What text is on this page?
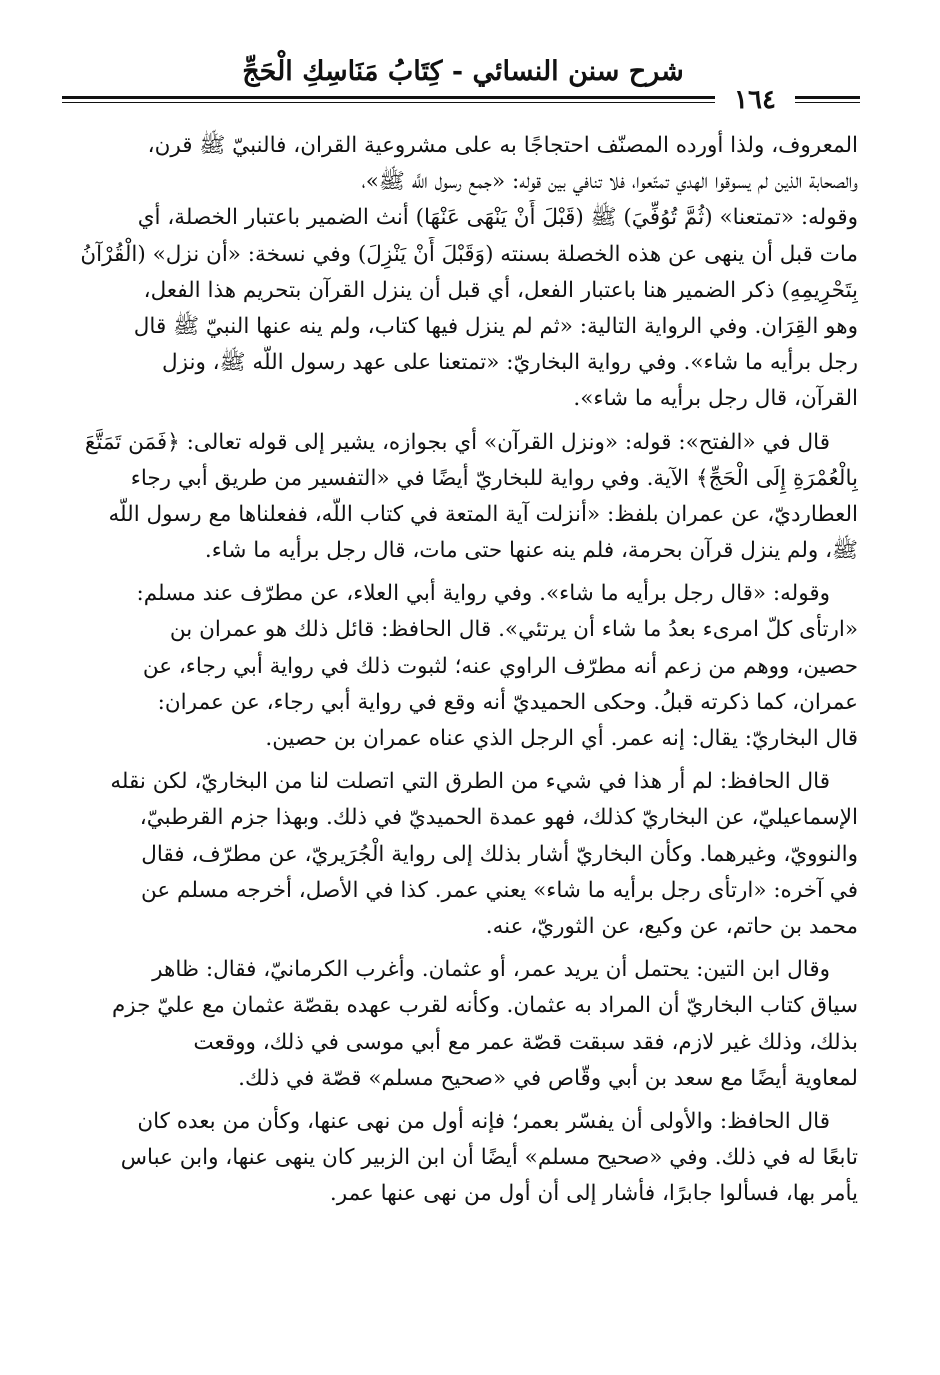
شرح سنن النسائي - كِتَابُ مَنَاسِكِ الْحَجِّ
١٦٤
المعروف، ولذا أورده المصنّف احتجاجًا به على مشروعية القران، فالنبيّ ﷺ قرن،
والصحابة الذين لم يسوقوا الهدي تمتّعوا، فلا تنافي بين قوله: «جمع رسول اللَّه ﷺ»،
وقوله: «تمتعنا» (ثُمَّ تُوُفِّيَ) ﷺ (قَبْلَ أَنْ يَنْهَى عَنْهَا) أنث الضمير باعتبار الخصلة، أي
مات قبل أن ينهى عن هذه الخصلة بسنته (وَقَبْلَ أَنْ يَنْزِلَ) وفي نسخة: «أن نزل» (الْقُرْآنُ
بِتَحْرِيمِهِ) ذكر الضمير هنا باعتبار الفعل، أي قبل أن ينزل القرآن بتحريم هذا الفعل،
وهو القِرَان. وفي الرواية التالية: «ثم لم ينزل فيها كتاب، ولم ينه عنها النبيّ ﷺ قال
رجل برأيه ما شاء». وفي رواية البخاريّ: «تمتعنا على عهد رسول اللَّه ﷺ، ونزل
القرآن، قال رجل برأيه ما شاء».
قال في «الفتح»: قوله: «ونزل القرآن» أي بجوازه، يشير إلى قوله تعالى: ﴿فَمَن تَمَتَّعَ
بِالْعُمْرَةِ إِلَى الْحَجِّ﴾ الآية. وفي رواية للبخاريّ أيضًا في «التفسير من طريق أبي رجاء
العطارديّ، عن عمران بلفظ: «أنزلت آية المتعة في كتاب اللَّه، ففعلناها مع رسول اللَّه
ﷺ، ولم ينزل قرآن بحرمة، فلم ينه عنها حتى مات، قال رجل برأيه ما شاء.
وقوله: «قال رجل برأيه ما شاء». وفي رواية أبي العلاء، عن مطرّف عند مسلم:
«ارتأى كلّ امرىء بعدُ ما شاء أن يرتئي». قال الحافظ: قائل ذلك هو عمران بن
حصين، ووهم من زعم أنه مطرّف الراوي عنه؛ لثبوت ذلك في رواية أبي رجاء، عن
عمران، كما ذكرته قبلُ. وحكى الحميديّ أنه وقع في رواية أبي رجاء، عن عمران:
قال البخاريّ: يقال: إنه عمر. أي الرجل الذي عناه عمران بن حصين.
قال الحافظ: لم أر هذا في شيء من الطرق التي اتصلت لنا من البخاريّ، لكن نقله
الإسماعيليّ، عن البخاريّ كذلك، فهو عمدة الحميديّ في ذلك. وبهذا جزم القرطبيّ،
والنوويّ، وغيرهما. وكأن البخاريّ أشار بذلك إلى رواية الْجُرَيريّ، عن مطرّف، فقال
في آخره: «ارتأى رجل برأيه ما شاء» يعني عمر. كذا في الأصل، أخرجه مسلم عن
محمد بن حاتم، عن وكيع، عن الثوريّ، عنه.
وقال ابن التين: يحتمل أن يريد عمر، أو عثمان. وأغرب الكرمانيّ، فقال: ظاهر
سياق كتاب البخاريّ أن المراد به عثمان. وكأنه لقرب عهده بقصّة عثمان مع عليّ جزم
بذلك، وذلك غير لازم، فقد سبقت قصّة عمر مع أبي موسى في ذلك، ووقعت
لمعاوية أيضًا مع سعد بن أبي وقّاص في «صحيح مسلم» قصّة في ذلك.
قال الحافظ: والأولى أن يفسّر بعمر؛ فإنه أول من نهى عنها، وكأن من بعده كان
تابعًا له في ذلك. وفي «صحيح مسلم» أيضًا أن ابن الزبير كان ينهى عنها، وابن عباس
يأمر بها، فسألوا جابرًا، فأشار إلى أن أول من نهى عنها عمر.
